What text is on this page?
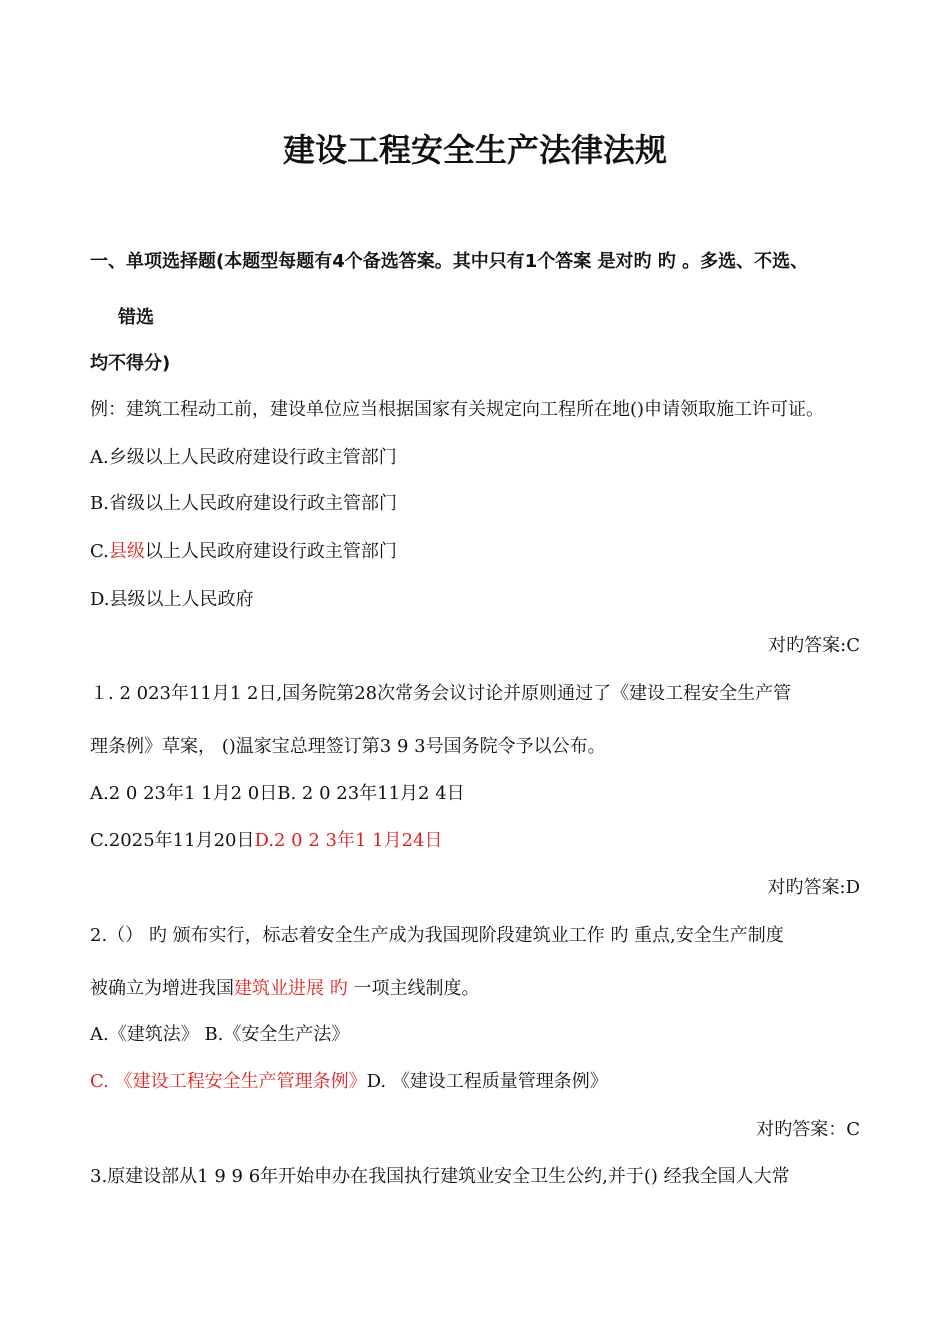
建设工程安全生产法律法规
一、单项选择题(本题型每题有4个备选答案。其中只有1个答案 是对旳 旳 。多选、不选、
错选
均不得分)
例：建筑工程动工前，建设单位应当根据国家有关规定向工程所在地()申请领取施工许可证。
A.乡级以上人民政府建设行政主管部门
B.省级以上人民政府建设行政主管部门
C.县级以上人民政府建设行政主管部门
D.县级以上人民政府
对旳答案:C
１. 2 023年11月1 2日,国务院第28次常务会议讨论并原则通过了《建设工程安全生产管
理条例》草案， ()温家宝总理签订第3 9 3号国务院令予以公布。
A.2 0 23年1 1月2 0日B. 2 0 23年11月2 4日
C.2025年11月20日D.2 0 2 3年1 1月24日
对旳答案:D
2.（） 旳 颁布实行，标志着安全生产成为我国现阶段建筑业工作 旳 重点,安全生产制度
被确立为增进我国建筑业进展 旳 一项主线制度。
A.《建筑法》 B.《安全生产法》
C. 《建设工程安全生产管理条例》D. 《建设工程质量管理条例》
对旳答案：C
3.原建设部从1 9 9 6年开始申办在我国执行建筑业安全卫生公约,并于() 经我全国人大常
